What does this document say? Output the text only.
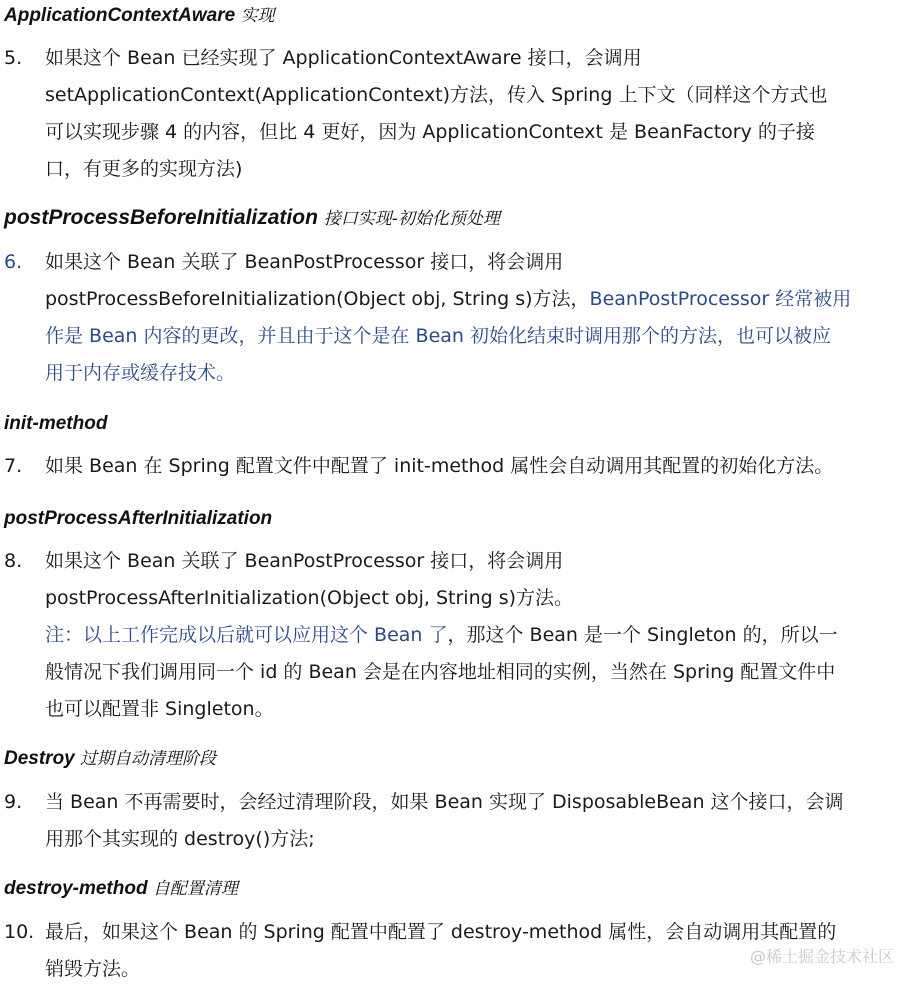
ApplicationContextAware 实现
5. 如果这个 Bean 已经实现了 ApplicationContextAware 接口，会调用
setApplicationContext(ApplicationContext)方法，传入 Spring 上下文（同样这个方式也
可以实现步骤 4 的内容，但比 4 更好，因为 ApplicationContext 是 BeanFactory 的子接
口，有更多的实现方法)
postProcessBeforeInitialization 接口实现-初始化预处理
6. 如果这个 Bean 关联了 BeanPostProcessor 接口，将会调用
postProcessBeforeInitialization(Object obj, String s)方法，BeanPostProcessor 经常被用
作是 Bean 内容的更改，并且由于这个是在 Bean 初始化结束时调用那个的方法，也可以被应
用于内存或缓存技术。
init-method
7. 如果 Bean 在 Spring 配置文件中配置了 init-method 属性会自动调用其配置的初始化方法。
postProcessAfterInitialization
8. 如果这个 Bean 关联了 BeanPostProcessor 接口，将会调用
postProcessAfterInitialization(Object obj, String s)方法。
注：以上工作完成以后就可以应用这个 Bean 了，那这个 Bean 是一个 Singleton 的，所以一
般情况下我们调用同一个 id 的 Bean 会是在内容地址相同的实例，当然在 Spring 配置文件中
也可以配置非 Singleton。
Destroy 过期自动清理阶段
9. 当 Bean 不再需要时，会经过清理阶段，如果 Bean 实现了 DisposableBean 这个接口，会调
用那个其实现的 destroy()方法;
destroy-method 自配置清理
10. 最后，如果这个 Bean 的 Spring 配置中配置了 destroy-method 属性，会自动调用其配置的
销毁方法。
@稀土掘金技术社区
